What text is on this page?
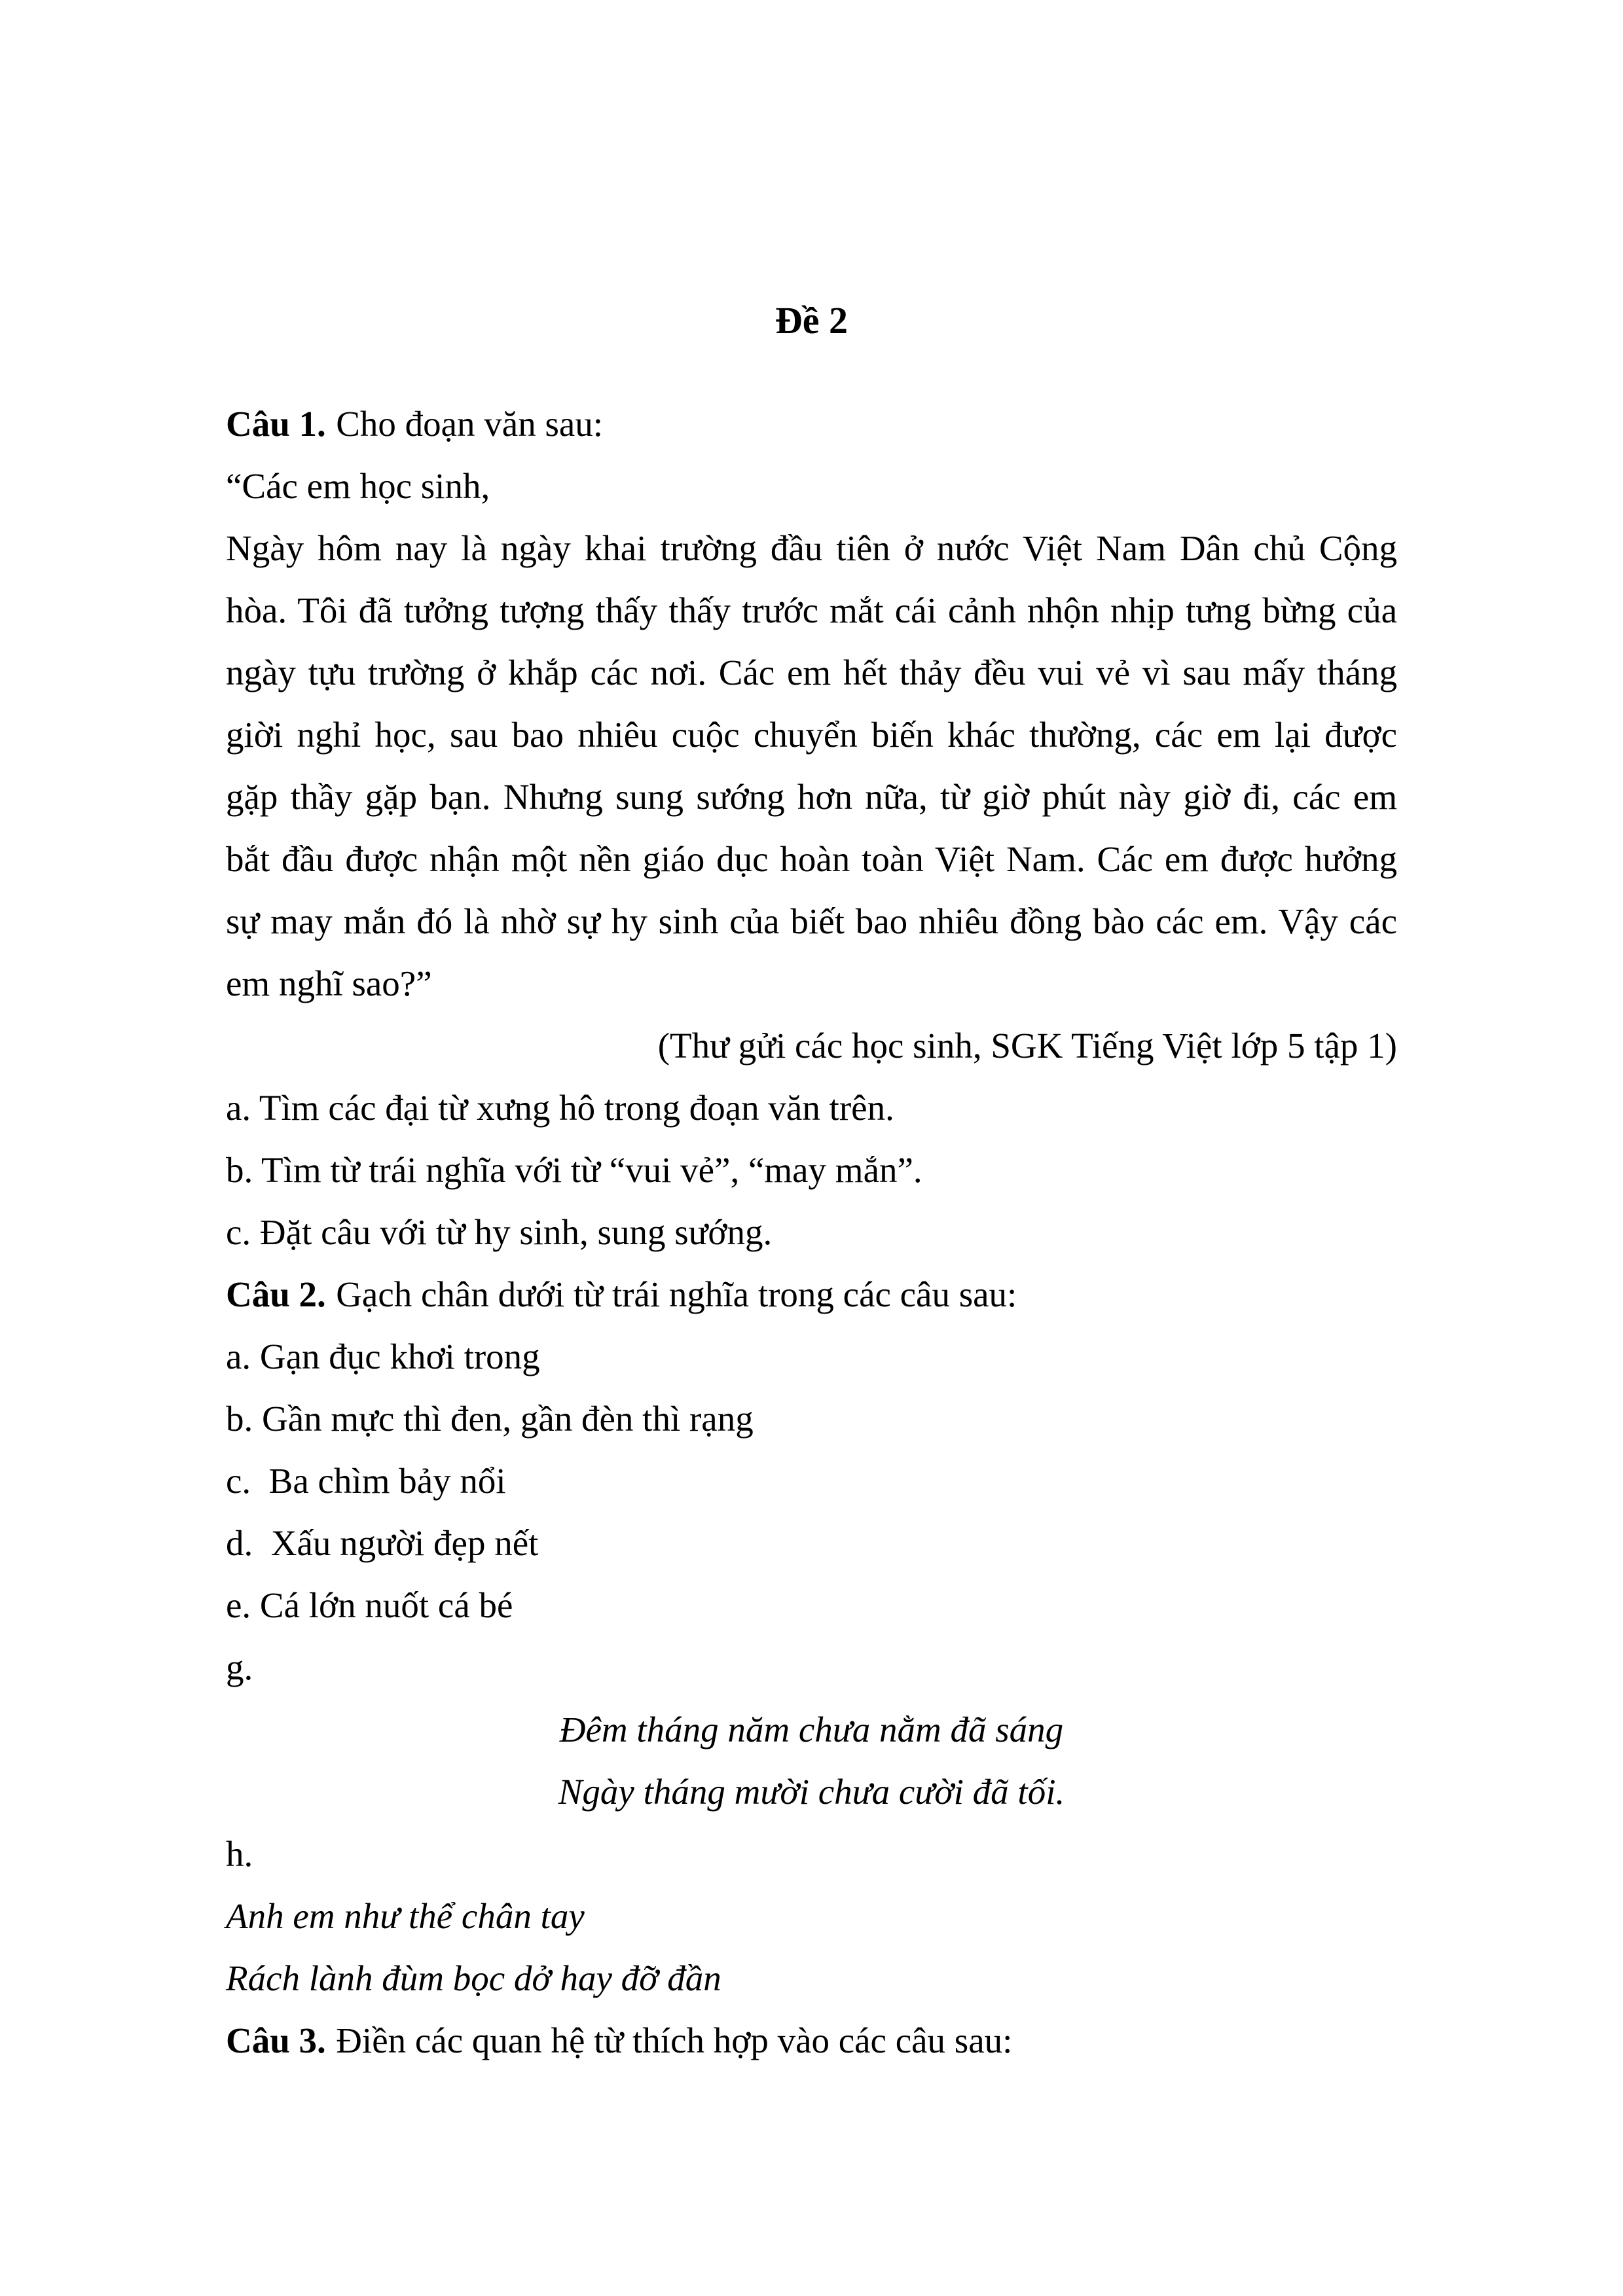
Đề 2
Câu 1. Cho đoạn văn sau:
“Các em học sinh,
Ngày hôm nay là ngày khai trường đầu tiên ở nước Việt Nam Dân chủ Cộng
hòa. Tôi đã tưởng tượng thấy thấy trước mắt cái cảnh nhộn nhịp tưng bừng của
ngày tựu trường ở khắp các nơi. Các em hết thảy đều vui vẻ vì sau mấy tháng
giời nghỉ học, sau bao nhiêu cuộc chuyển biến khác thường, các em lại được
gặp thầy gặp bạn. Nhưng sung sướng hơn nữa, từ giờ phút này giờ đi, các em
bắt đầu được nhận một nền giáo dục hoàn toàn Việt Nam. Các em được hưởng
sự may mắn đó là nhờ sự hy sinh của biết bao nhiêu đồng bào các em. Vậy các
em nghĩ sao?”
(Thư gửi các học sinh, SGK Tiếng Việt lớp 5 tập 1)
a. Tìm các đại từ xưng hô trong đoạn văn trên.
b. Tìm từ trái nghĩa với từ “vui vẻ”, “may mắn”.
c. Đặt câu với từ hy sinh, sung sướng.
Câu 2. Gạch chân dưới từ trái nghĩa trong các câu sau:
a. Gạn đục khơi trong
b. Gần mực thì đen, gần đèn thì rạng
c.  Ba chìm bảy nổi
d.  Xấu người đẹp nết
e. Cá lớn nuốt cá bé
g.
Đêm tháng năm chưa nằm đã sáng
Ngày tháng mười chưa cười đã tối.
h.
Anh em như thể chân tay
Rách lành đùm bọc dở hay đỡ đần
Câu 3. Điền các quan hệ từ thích hợp vào các câu sau:
